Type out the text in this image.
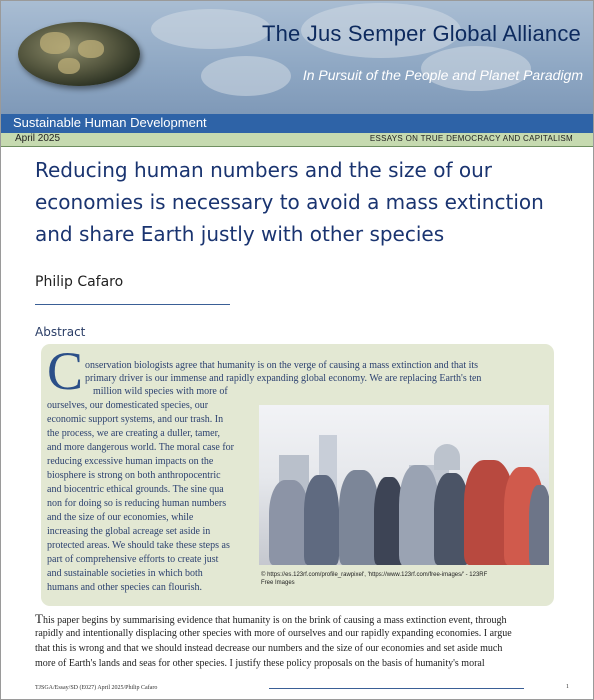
The Jus Semper Global Alliance
In Pursuit of the People and Planet Paradigm
Sustainable Human Development
April 2025	ESSAYS ON TRUE DEMOCRACY AND CAPITALISM
Reducing human numbers and the size of our
economies is necessary to avoid a mass extinction
and share Earth justly with other species
Philip Cafaro
Abstract
C onservation biologists agree that humanity is on the verge of causing a mass extinction and that its
primary driver is our immense and rapidly expanding global economy. We are replacing Earth's ten
million wild species with more of
ourselves, our domesticated species, our
economic support systems, and our trash. In
the process, we are creating a duller, tamer,
and more dangerous world. The moral case for
reducing excessive human impacts on the
biosphere is strong on both anthropocentric
and biocentric ethical grounds. The sine qua
non for doing so is reducing human numbers
and the size of our economies, while
increasing the global acreage set aside in
protected areas. We should take these steps as
part of comprehensive efforts to create just
© https://es.123rf.com/profile_rawpixel', 'https://www.123rf.com/free-images/' - 123RF
Free Images
and sustainable societies in which both
humans and other species can flourish.
This paper begins by summarising evidence that humanity is on the brink of causing a mass extinction event, through
rapidly and intentionally displacing other species with more of ourselves and our rapidly expanding economies. I argue
that this is wrong and that we should instead decrease our numbers and the size of our economies and set aside much
more of Earth's lands and seas for other species. I justify these policy proposals on the basis of humanity's moral
TJSGA/Essay/SD (E027) April 2025/Philip Cafaro	1
